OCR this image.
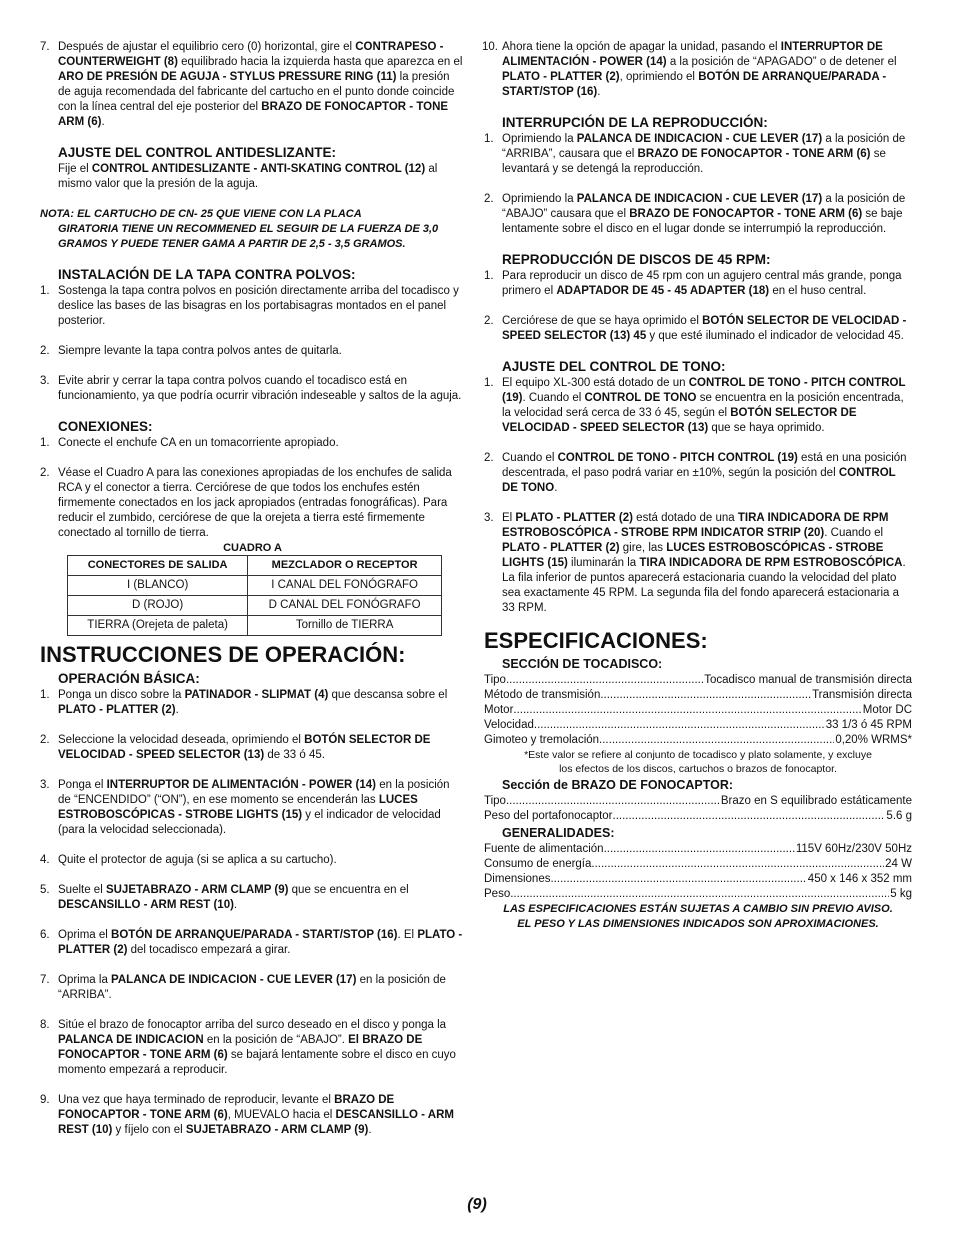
7. Después de ajustar el equilibrio cero (0) horizontal, gire el CONTRAPESO - COUNTERWEIGHT (8) equilibrado hacia la izquierda hasta que aparezca en el ARO DE PRESIÓN DE AGUJA - STYLUS PRESSURE RING (11) la presión de aguja recomendada del fabricante del cartucho en el punto donde coincide con la línea central del eje posterior del BRAZO DE FONOCAPTOR - TONE ARM (6).
AJUSTE DEL CONTROL ANTIDESLIZANTE:
Fije el CONTROL ANTIDESLIZANTE - ANTI-SKATING CONTROL (12) al mismo valor que la presión de la aguja.
NOTA: EL CARTUCHO DE CN- 25 QUE VIENE CON LA PLACA
GIRATORIA TIENE UN RECOMMENED EL SEGUIR DE LA FUERZA DE 3,0
GRAMOS Y PUEDE TENER GAMA A PARTIR DE 2,5 - 3,5 GRAMOS.
INSTALACIÓN DE LA TAPA CONTRA POLVOS:
1. Sostenga la tapa contra polvos en posición directamente arriba del tocadisco y deslice las bases de las bisagras en los portabisagras montados en el panel posterior.
2. Siempre levante la tapa contra polvos antes de quitarla.
3. Evite abrir y cerrar la tapa contra polvos cuando el tocadisco está en funcionamiento, ya que podría ocurrir vibración indeseable y saltos de la aguja.
CONEXIONES:
1. Conecte el enchufe CA en un tomacorriente apropiado.
2. Véase el Cuadro A para las conexiones apropiadas de los enchufes de salida RCA y el conector a tierra. Cerciórese de que todos los enchufes estén firmemente conectados en los jack apropiados (entradas fonográficas). Para reducir el zumbido, cerciórese de que la orejeta a tierra esté firmemente conectado al tornillo de tierra.
CUADRO A
CONECTORES DE SALIDA	MEZCLADOR O RECEPTOR
I (BLANCO)	I CANAL DEL FONÓGRAFO
D (ROJO)	D CANAL DEL FONÓGRAFO
TIERRA (Orejeta de paleta)	Tornillo de TIERRA
INSTRUCCIONES DE OPERACIÓN:
OPERACIÓN BÁSICA:
1. Ponga un disco sobre la PATINADOR - SLIPMAT (4) que descansa sobre el PLATO - PLATTER (2).
2. Seleccione la velocidad deseada, oprimiendo el BOTÓN SELECTOR DE VELOCIDAD - SPEED SELECTOR (13) de 33 ó 45.
3. Ponga el INTERRUPTOR DE ALIMENTACIÓN - POWER (14) en la posición de “ENCENDIDO” (“ON”), en ese momento se encenderán las LUCES ESTROBOSCÓPICAS - STROBE LIGHTS (15) y el indicador de velocidad (para la velocidad seleccionada).
4. Quite el protector de aguja (si se aplica a su cartucho).
5. Suelte el SUJETABRAZO - ARM CLAMP (9) que se encuentra en el DESCANSILLO - ARM REST (10).
6. Oprima el BOTÓN DE ARRANQUE/PARADA - START/STOP (16). El PLATO - PLATTER (2) del tocadisco empezará a girar.
7. Oprima la PALANCA DE INDICACION - CUE LEVER (17) en la posición de “ARRIBA”.
8. Sitúe el brazo de fonocaptor arriba del surco deseado en el disco y ponga la PALANCA DE INDICACION en la posición de “ABAJO”. El BRAZO DE FONOCAPTOR - TONE ARM (6) se bajará lentamente sobre el disco en cuyo momento empezará a reproducir.
9. Una vez que haya terminado de reproducir, levante el BRAZO DE FONOCAPTOR - TONE ARM (6), MUEVALO hacia el DESCANSILLO - ARM REST (10) y fíjelo con el SUJETABRAZO - ARM CLAMP (9).
10. Ahora tiene la opción de apagar la unidad, pasando el INTERRUPTOR DE ALIMENTACIÓN - POWER (14) a la posición de “APAGADO” o de detener el PLATO - PLATTER (2), oprimiendo el BOTÓN DE ARRANQUE/PARADA - START/STOP (16).
INTERRUPCIÓN DE LA REPRODUCCIÓN:
1. Oprimiendo la PALANCA DE INDICACION - CUE LEVER (17) a la posición de “ARRIBA”, causara que el BRAZO DE FONOCAPTOR - TONE ARM (6) se levantará y se detengá la reproducción.
2. Oprimiendo la PALANCA DE INDICACION - CUE LEVER (17) a la posición de “ABAJO” causara que el BRAZO DE FONOCAPTOR - TONE ARM (6) se baje lentamente sobre el disco en el lugar donde se interrumpió la reproducción.
REPRODUCCIÓN DE DISCOS DE 45 RPM:
1. Para reproducir un disco de 45 rpm con un agujero central más grande, ponga primero el ADAPTADOR DE 45 - 45 ADAPTER (18) en el huso central.
2. Cerciórese de que se haya oprimido el BOTÓN SELECTOR DE VELOCIDAD - SPEED SELECTOR (13) 45 y que esté iluminado el indicador de velocidad 45.
AJUSTE DEL CONTROL DE TONO:
1. El equipo XL-300 está dotado de un CONTROL DE TONO - PITCH CONTROL (19). Cuando el CONTROL DE TONO se encuentra en la posición encentrada, la velocidad será cerca de 33 ó 45, según el BOTÓN SELECTOR DE VELOCIDAD - SPEED SELECTOR (13) que se haya oprimido.
2. Cuando el CONTROL DE TONO - PITCH CONTROL (19) está en una posición descentrada, el paso podrá variar en ±10%, según la posición del CONTROL DE TONO.
3. El PLATO - PLATTER (2) está dotado de una TIRA INDICADORA DE RPM ESTROBOSCÓPICA - STROBE RPM INDICATOR STRIP (20). Cuando el PLATO - PLATTER (2) gire, las LUCES ESTROBOSCÓPICAS - STROBE LIGHTS (15) iluminarán la TIRA INDICADORA DE RPM ESTROBOSCÓPICA. La fila inferior de puntos aparecerá estacionaria cuando la velocidad del plato sea exactamente 45 RPM. La segunda fila del fondo aparecerá estacionaria a 33 RPM.
ESPECIFICACIONES:
SECCIÓN DE TOCADISCO:
Tipo .....	Tocadisco manual de transmisión directa
Método de transmisión .....	Transmisión directa
Motor .....	Motor DC
Velocidad .....	33 1/3 ó 45 RPM
Gimoteo y tremolación .....	0,20% WRMS*
*Este valor se refiere al conjunto de tocadisco y plato solamente, y excluye
los efectos de los discos, cartuchos o brazos de fonocaptor.
Sección de BRAZO DE FONOCAPTOR:
Tipo .....	Brazo en S equilibrado estáticamente
Peso del portafonocaptor .....	5.6 g
GENERALIDADES:
Fuente de alimentación .....	115V 60Hz/230V 50Hz
Consumo de energía .....	24 W
Dimensiones .....	450 x 146 x 352 mm
Peso .....	5 kg
LAS ESPECIFICACIONES ESTÁN SUJETAS A CAMBIO SIN PREVIO AVISO.
EL PESO Y LAS DIMENSIONES INDICADOS SON APROXIMACIONES.
(9)
